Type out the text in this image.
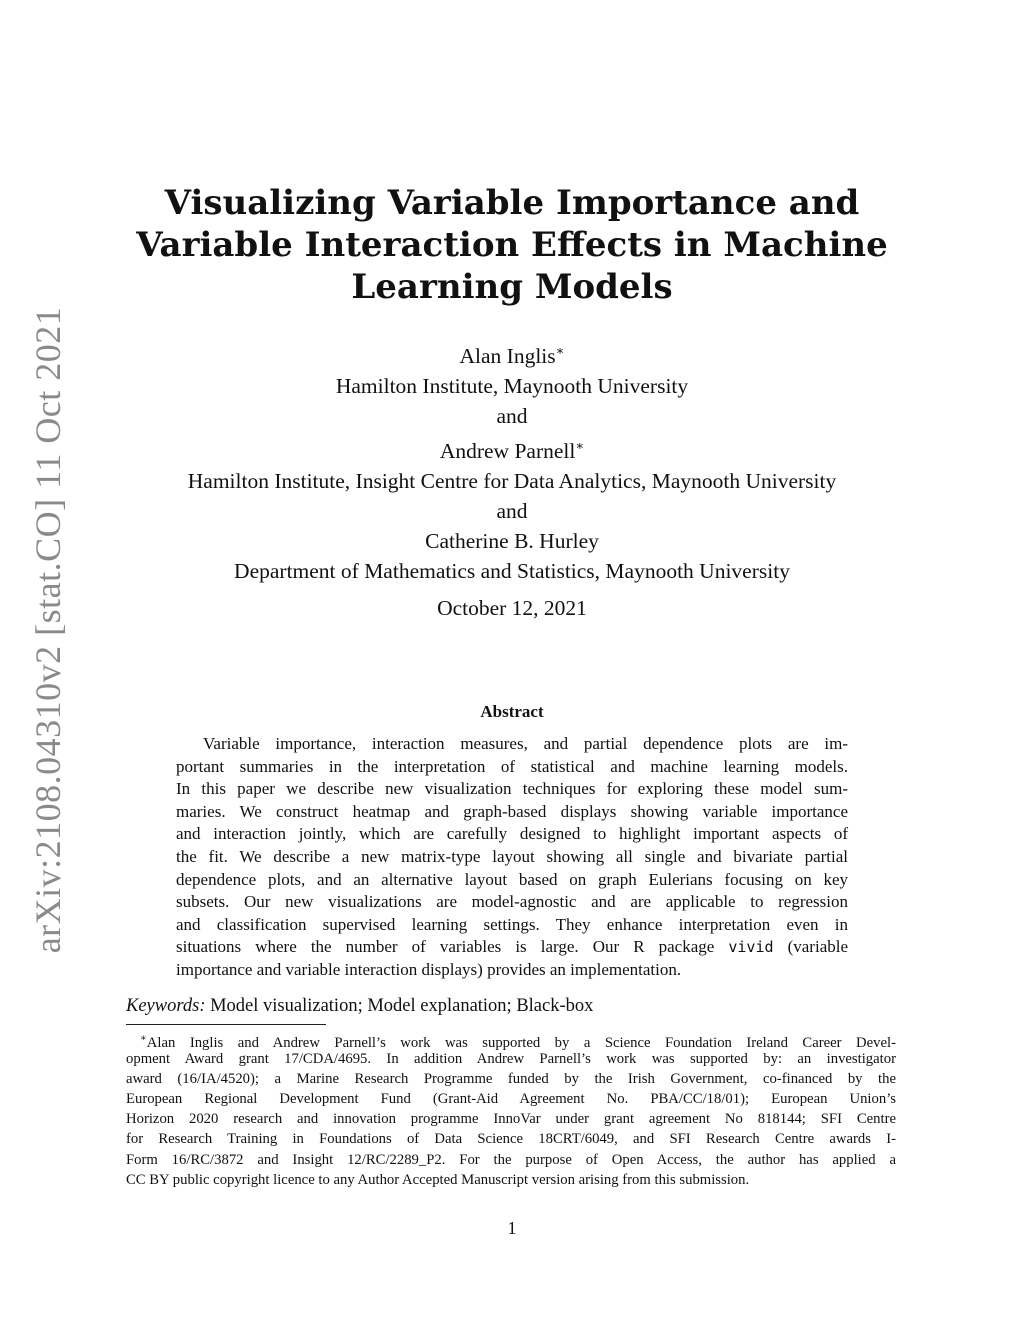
arXiv:2108.04310v2 [stat.CO] 11 Oct 2021
Visualizing Variable Importance and
Variable Interaction Effects in Machine
Learning Models
Alan Inglis∗
Hamilton Institute, Maynooth University
and
Andrew Parnell∗
Hamilton Institute, Insight Centre for Data Analytics, Maynooth University
and
Catherine B. Hurley
Department of Mathematics and Statistics, Maynooth University
October 12, 2021
Abstract
Variable importance, interaction measures, and partial dependence plots are im-
portant summaries in the interpretation of statistical and machine learning models.
In this paper we describe new visualization techniques for exploring these model sum-
maries. We construct heatmap and graph-based displays showing variable importance
and interaction jointly, which are carefully designed to highlight important aspects of
the fit. We describe a new matrix-type layout showing all single and bivariate partial
dependence plots, and an alternative layout based on graph Eulerians focusing on key
subsets. Our new visualizations are model-agnostic and are applicable to regression
and classification supervised learning settings. They enhance interpretation even in
situations where the number of variables is large. Our R package vivid (variable
importance and variable interaction displays) provides an implementation.
Keywords: Model visualization; Model explanation; Black-box
∗Alan Inglis and Andrew Parnell’s work was supported by a Science Foundation Ireland Career Devel-
opment Award grant 17/CDA/4695. In addition Andrew Parnell’s work was supported by: an investigator
award (16/IA/4520); a Marine Research Programme funded by the Irish Government, co-financed by the
European Regional Development Fund (Grant-Aid Agreement No. PBA/CC/18/01); European Union’s
Horizon 2020 research and innovation programme InnoVar under grant agreement No 818144; SFI Centre
for Research Training in Foundations of Data Science 18CRT/6049, and SFI Research Centre awards I-
Form 16/RC/3872 and Insight 12/RC/2289_P2. For the purpose of Open Access, the author has applied a
CC BY public copyright licence to any Author Accepted Manuscript version arising from this submission.
1
